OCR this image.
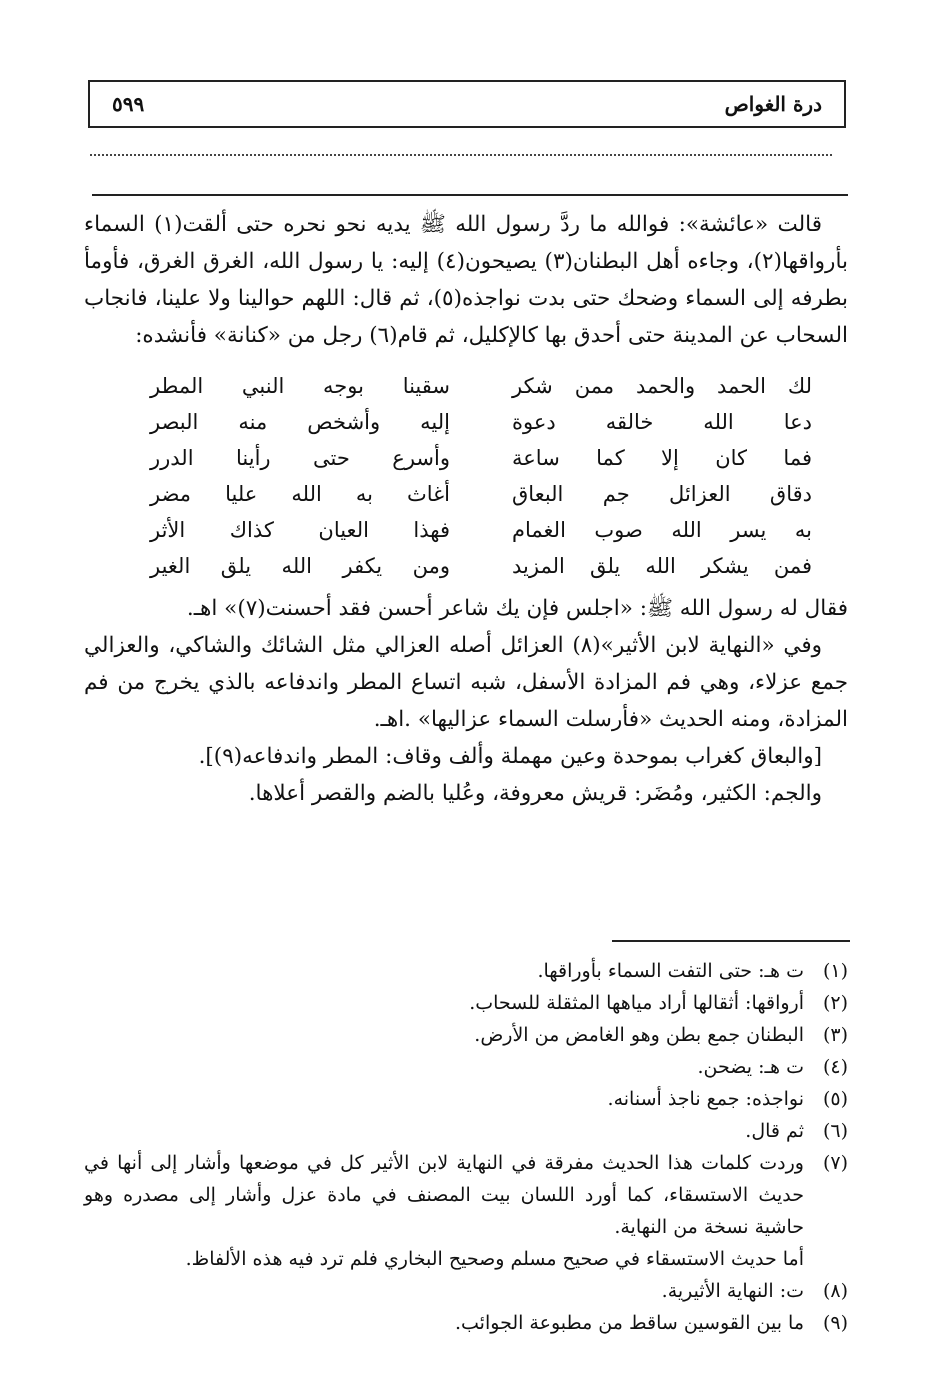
درة الغواص
٥٩٩

قالت «عائشة»: فوالله ما ردَّ رسول الله ﷺ يديه نحو نحره حتى ألقت(١) السماء بأرواقها(٢)، وجاءه أهل البطنان(٣) يصيحون(٤) إليه: يا رسول الله، الغرق الغرق، فأومأ بطرفه إلى السماء وضحك حتى بدت نواجذه(٥)، ثم قال: اللهم حوالينا ولا علينا، فانجاب السحاب عن المدينة حتى أحدق بها كالإكليل، ثم قام(٦) رجل من «كنانة» فأنشده:

لك الحمد والحمد ممن شكر
سقينا بوجه النبي المطر
دعا الله خالقه دعوة
إليه وأشخص منه البصر
فما كان إلا كما ساعة
وأسرع حتى رأينا الدرر
دقاق العزائل جم البعاق
أغاث به الله عليا مضر
به يسر الله صوب الغمام
فهذا العيان كذاك الأثر
فمن يشكر الله يلق المزيد
ومن يكفر الله يلق الغير

فقال له رسول الله ﷺ: «اجلس فإن يك شاعر أحسن فقد أحسنت(٧)» اهـ.

وفي «النهاية لابن الأثير»(٨) العزائل أصله العزالي مثل الشائك والشاكي، والعزالي جمع عزلاء، وهي فم المزادة الأسفل، شبه اتساع المطر واندفاعه بالذي يخرج من فم المزادة، ومنه الحديث «فأرسلت السماء عزاليها» .اهـ.

[والبعاق كغراب بموحدة وعين مهملة وألف وقاف: المطر واندفاعه(٩)].

والجم: الكثير، ومُضَر: قريش معروفة، وعُليا بالضم والقصر أعلاها.

(١)
ت هـ: حتى التفت السماء بأوراقها.
(٢)
أرواقها: أثقالها أراد مياهها المثقلة للسحاب.
(٣)
البطنان جمع بطن وهو الغامض من الأرض.
(٤)
ت هـ: يضحن.
(٥)
نواجذه: جمع ناجذ أسنانه.
(٦)
ثم قال.
(٧)
وردت كلمات هذا الحديث مفرقة في النهاية لابن الأثير كل في موضعها وأشار إلى أنها في حديث الاستسقاء، كما أورد اللسان بيت المصنف في مادة عزل وأشار إلى مصدره وهو حاشية نسخة من النهاية.
أما حديث الاستسقاء في صحيح مسلم وصحيح البخاري فلم ترد فيه هذه الألفاظ.
(٨)
ت: النهاية الأثيرية.
(٩)
ما بين القوسين ساقط من مطبوعة الجوائب.
